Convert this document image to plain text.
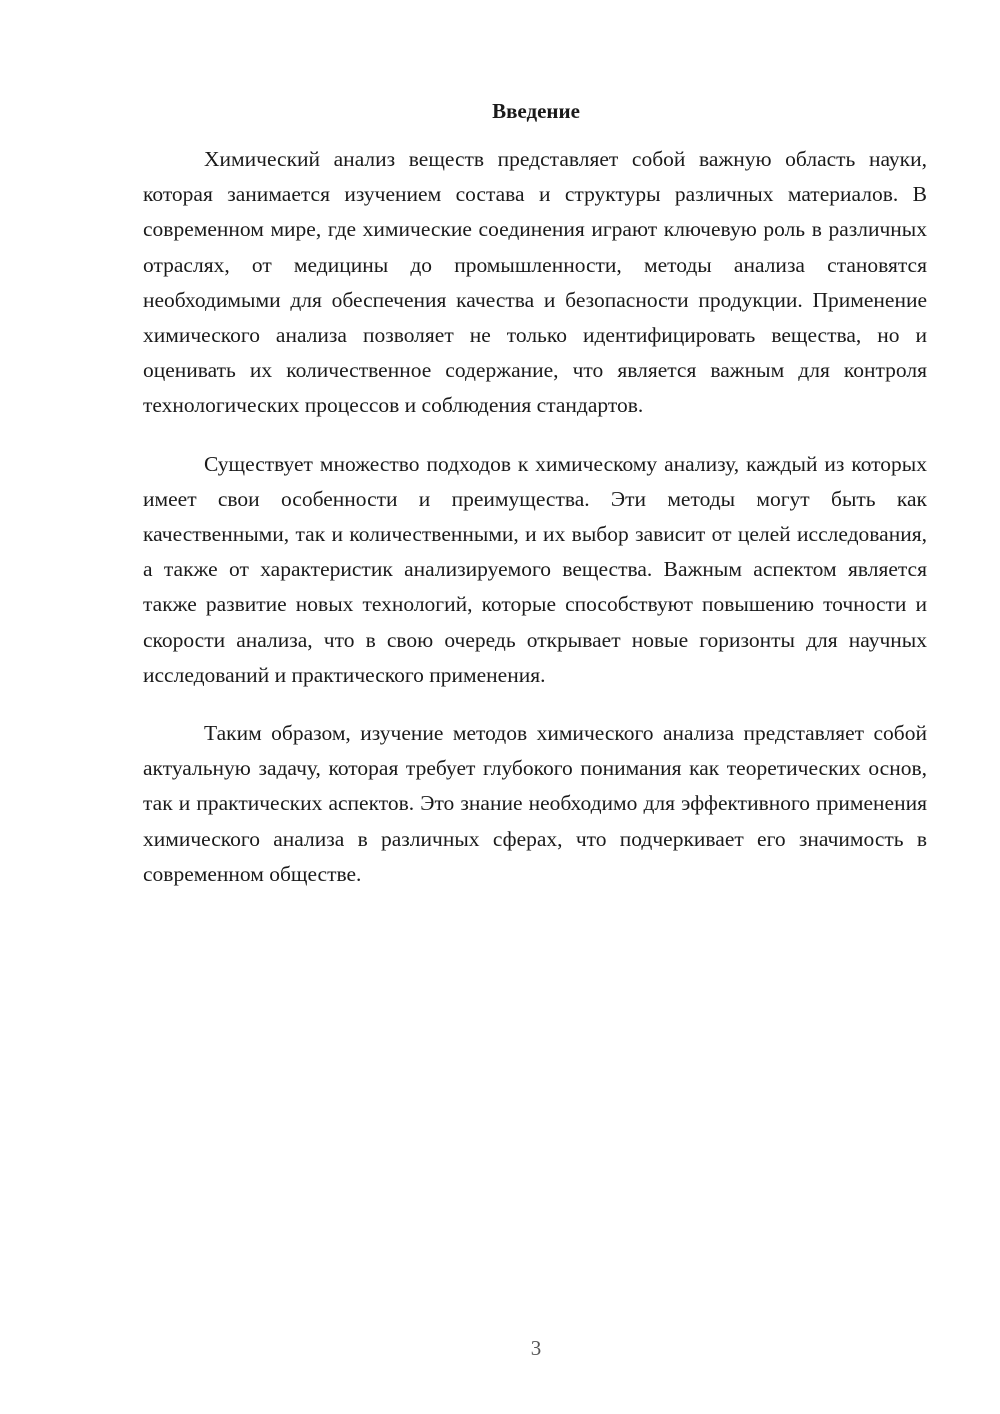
Введение

Химический анализ веществ представляет собой важную область науки, которая занимается изучением состава и структуры различных материалов. В современном мире, где химические соединения играют ключевую роль в различных отраслях, от медицины до промышленности, методы анализа становятся необходимыми для обеспечения качества и безопасности продукции. Применение химического анализа позволяет не только идентифицировать вещества, но и оценивать их количественное содержание, что является важным для контроля технологических процессов и соблюдения стандартов.

Существует множество подходов к химическому анализу, каждый из которых имеет свои особенности и преимущества. Эти методы могут быть как качественными, так и количественными, и их выбор зависит от целей исследования, а также от характеристик анализируемого вещества. Важным аспектом является также развитие новых технологий, которые способствуют повышению точности и скорости анализа, что в свою очередь открывает новые горизонты для научных исследований и практического применения.

Таким образом, изучение методов химического анализа представляет собой актуальную задачу, которая требует глубокого понимания как теоретических основ, так и практических аспектов. Это знание необходимо для эффективного применения химического анализа в различных сферах, что подчеркивает его значимость в современном обществе.

3
